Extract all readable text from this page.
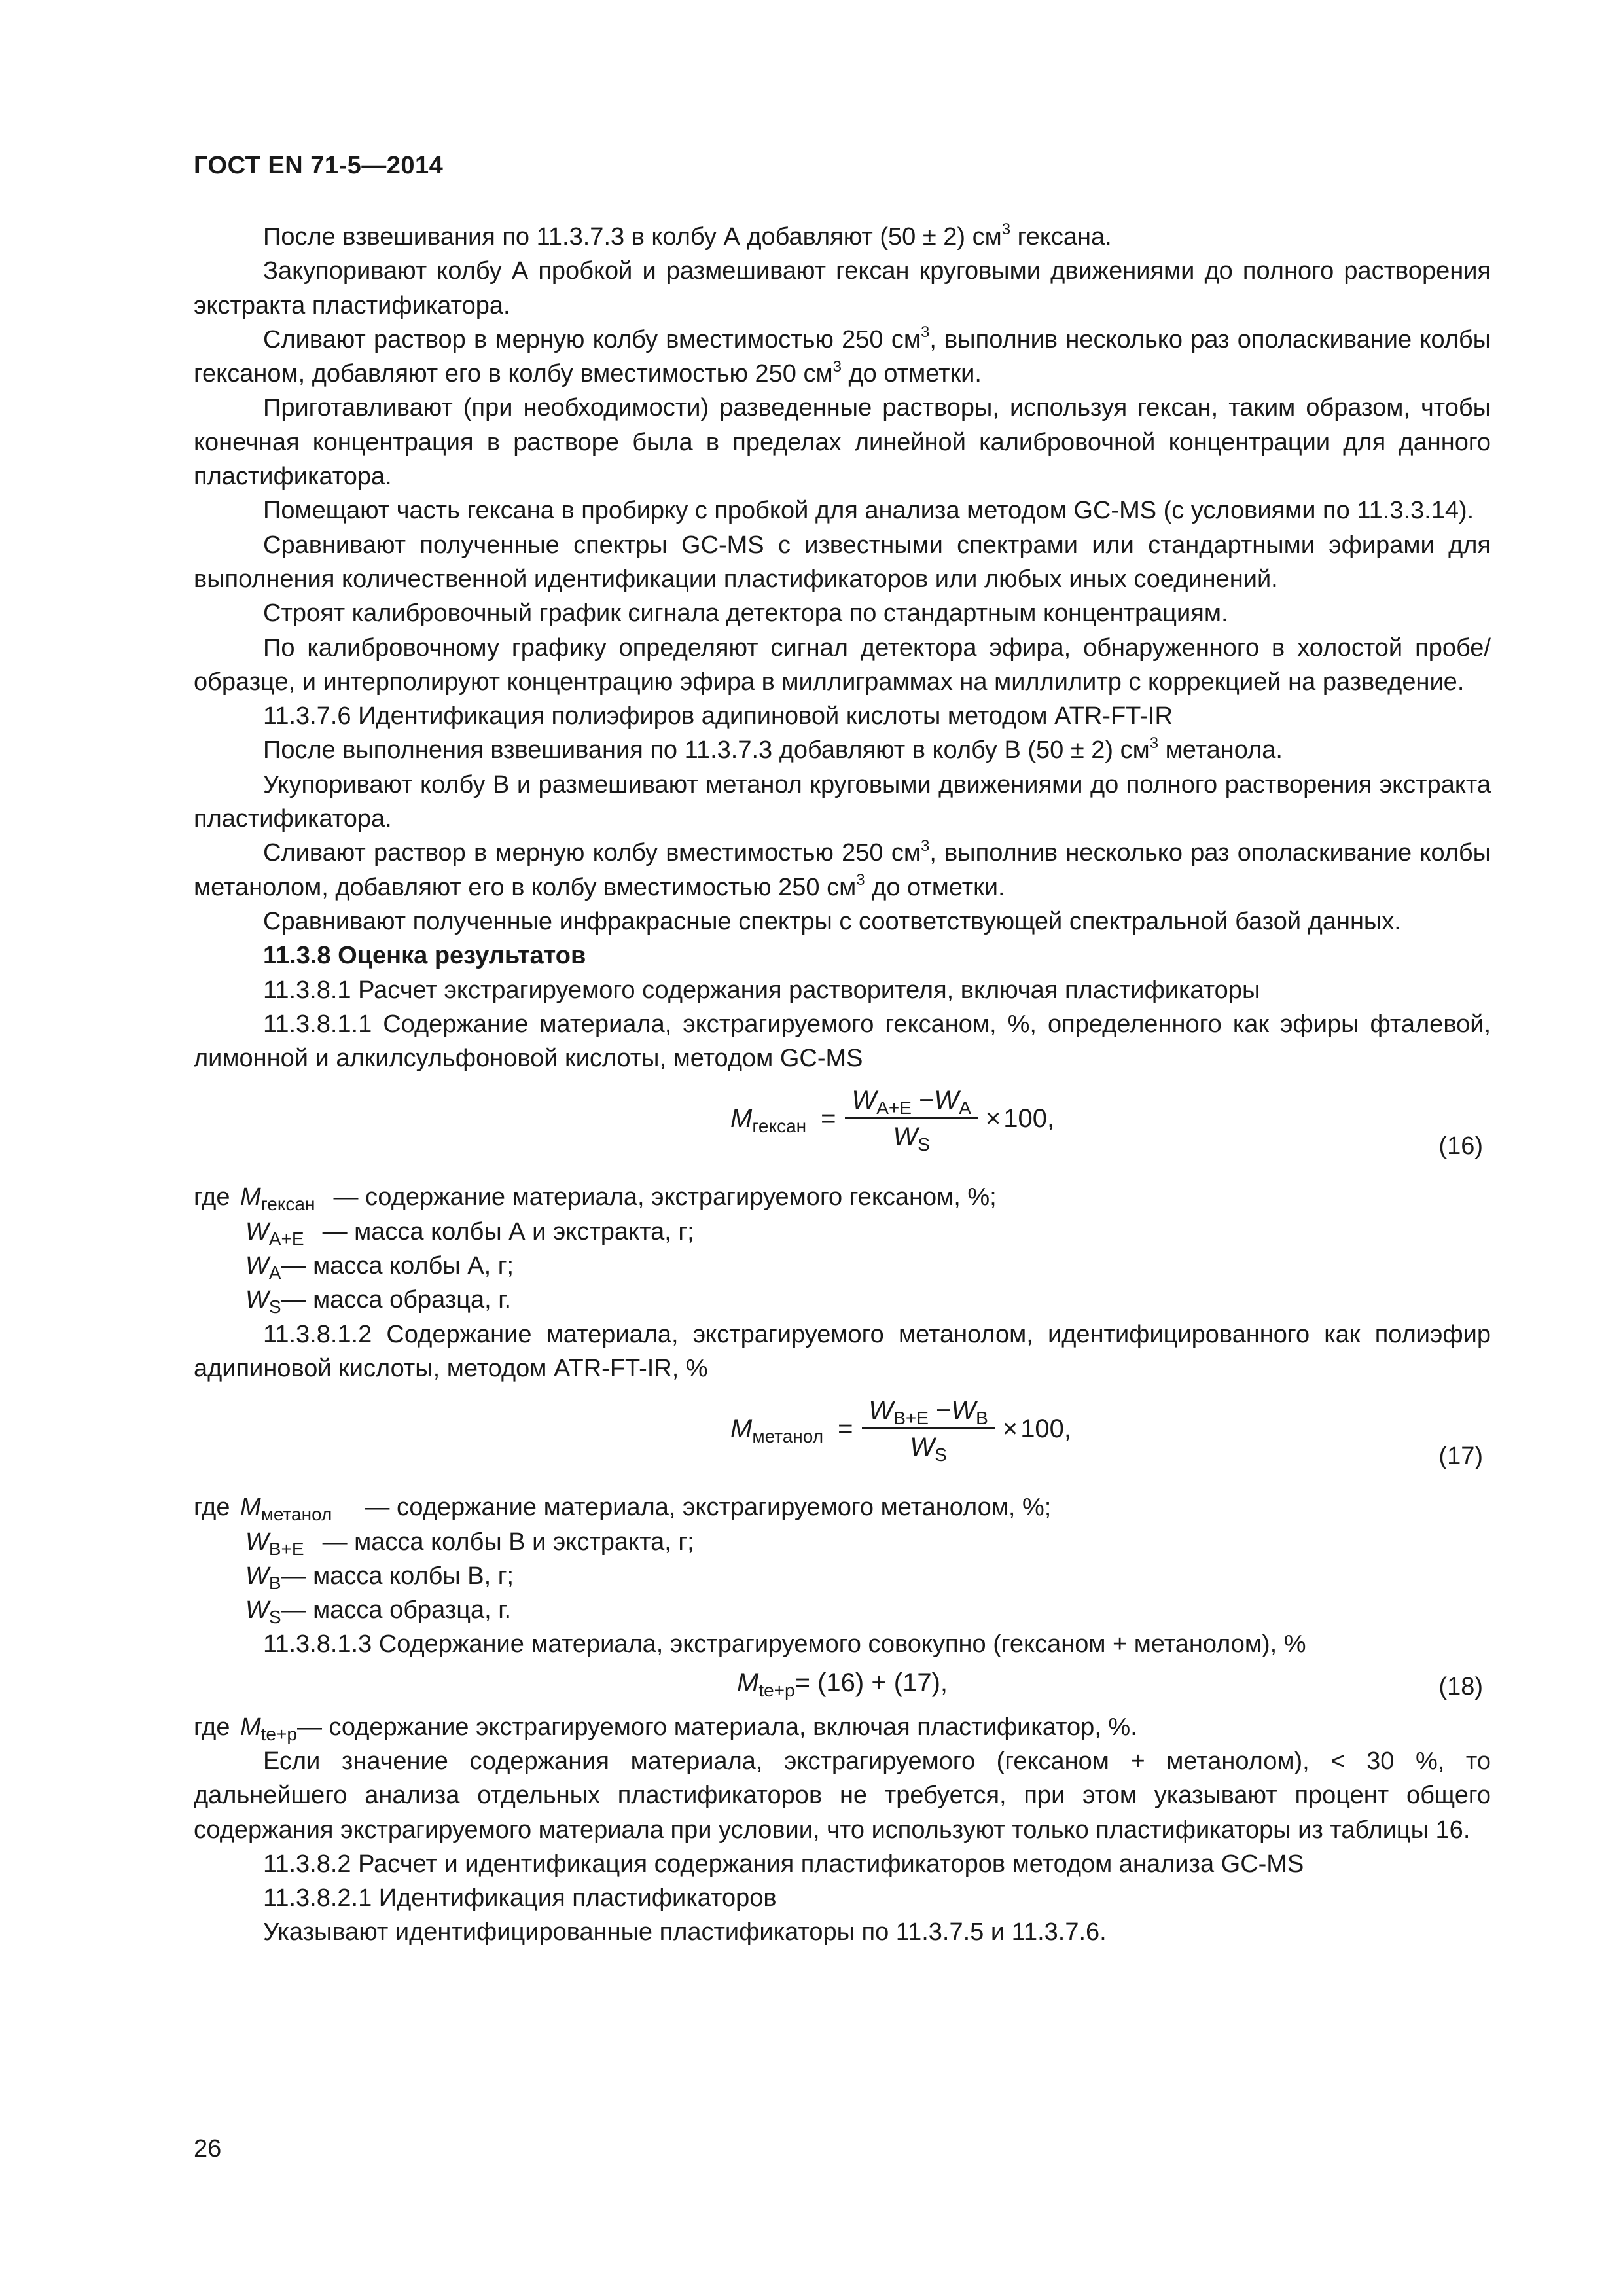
ГОСТ EN 71-5—2014

После взвешивания по 11.3.7.3 в колбу А добавляют (50 ± 2) $см^3$ гексана.

Закупоривают колбу А пробкой и размешивают гексан круговыми движениями до полного растворения экстракта пластификатора.

Сливают раствор в мерную колбу вместимостью 250 $см^3$, выполнив несколько раз ополаскивание колбы гексаном, добавляют его в колбу вместимостью 250 $см^3$ до отметки.

Приготавливают (при необходимости) разведенные растворы, используя гексан, таким образом, чтобы конечная концентрация в растворе была в пределах линейной калибровочной концентрации для данного пластификатора.

Помещают часть гексана в пробирку с пробкой для анализа методом GC-MS (с условиями по 11.3.3.14).

Сравнивают полученные спектры GC-MS с известными спектрами или стандартными эфирами для выполнения количественной идентификации пластификаторов или любых иных соединений.

Строят калибровочный график сигнала детектора по стандартным концентрациям.

По калибровочному графику определяют сигнал детектора эфира, обнаруженного в холостой пробе/образце, и интерполируют концентрацию эфира в миллиграммах на миллилитр с коррекцией на разведение.

11.3.7.6 Идентификация полиэфиров адипиновой кислоты методом ATR-FT-IR

После выполнения взвешивания по 11.3.7.3 добавляют в колбу В (50 ± 2) $см^3$ метанола.

Укупоривают колбу В и размешивают метанол круговыми движениями до полного растворения экстракта пластификатора.

Сливают раствор в мерную колбу вместимостью 250 $см^3$, выполнив несколько раз ополаскивание колбы метанолом, добавляют его в колбу вместимостью 250 $см^3$ до отметки.

Сравнивают полученные инфракрасные спектры с соответствующей спектральной базой данных.

11.3.8 Оценка результатов

11.3.8.1 Расчет экстрагируемого содержания растворителя, включая пластификаторы

11.3.8.1.1 Содержание материала, экстрагируемого гексаном, %, определенного как эфиры фталевой, лимонной и алкилсульфоновой кислоты, методом GC-MS

$M_{гексан} = \frac{W_{A+E} -W_A}{W_S} \times 100$,
(16)
где $M_{гексан}$ — содержание материала, экстрагируемого гексаном, %;
$W_{A+E}$ — масса колбы А и экстракта, г;
$W_A$ — масса колбы А, г;
$W_S$ — масса образца, г.

11.3.8.1.2 Содержание материала, экстрагируемого метанолом, идентифицированного как полиэфир адипиновой кислоты, методом ATR-FT-IR, %

$M_{метанол} = \frac{W_{B+E} -W_B}{W_S} \times 100$,
(17)
где $M_{метанол}$ — содержание материала, экстрагируемого метанолом, %;
$W_{B+E}$ — масса колбы В и экстракта, г;
$W_B$ — масса колбы В, г;
$W_S$ — масса образца, г.

11.3.8.1.3 Содержание материала, экстрагируемого совокупно (гексаном + метанолом), %

$M_{te+p} = (16) + (17)$,	(18)
где $M_{te+p}$ — содержание экстрагируемого материала, включая пластификатор, %.

Если значение содержания материала, экстрагируемого (гексаном + метанолом), < 30 %, то дальнейшего анализа отдельных пластификаторов не требуется, при этом указывают процент общего содержания экстрагируемого материала при условии, что используют только пластификаторы из таблицы 16.

11.3.8.2 Расчет и идентификация содержания пластификаторов методом анализа GC-MS

11.3.8.2.1 Идентификация пластификаторов

Указывают идентифицированные пластификаторы по 11.3.7.5 и 11.3.7.6.

26
